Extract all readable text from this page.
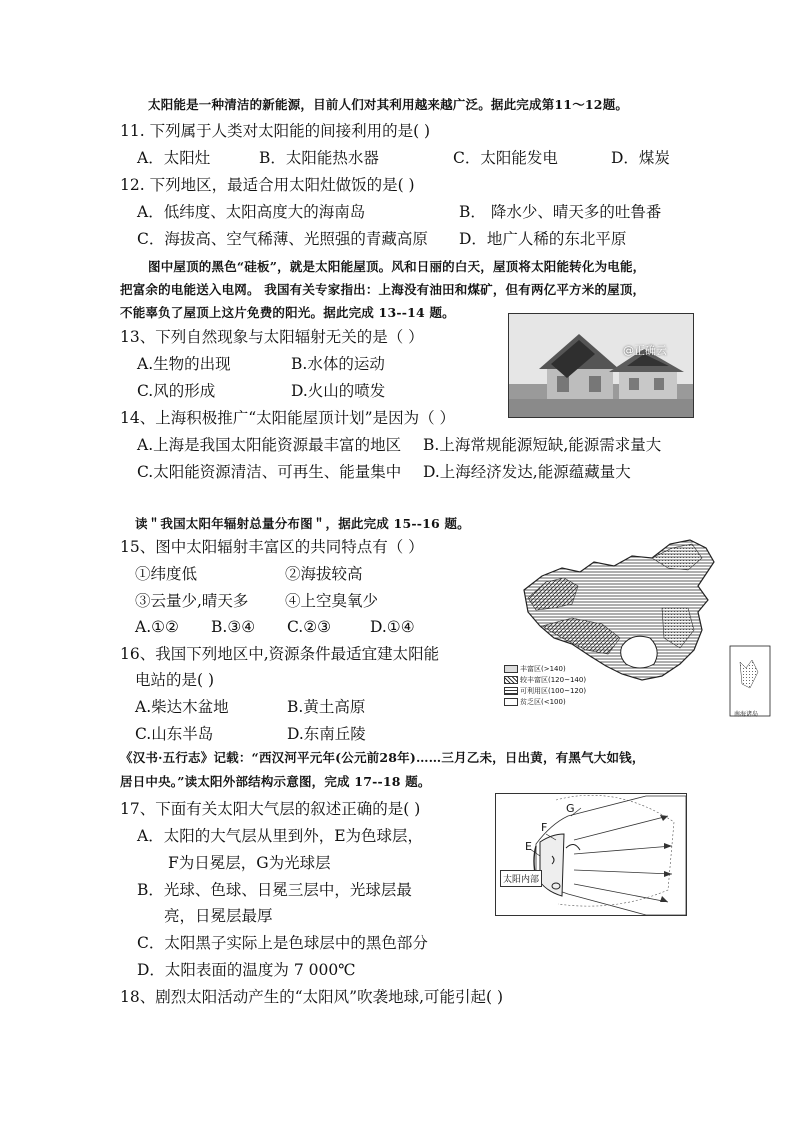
太阳能是一种清洁的新能源，目前人们对其利用越来越广泛。据此完成第11～12题。
11. 下列属于人类对太阳能的间接利用的是( )
A．太阳灶	B．太阳能热水器	C．太阳能发电	D．煤炭
12. 下列地区，最适合用太阳灶做饭的是( )
A．低纬度、太阳高度大的海南岛	B． 降水少、晴天多的吐鲁番
C．海拔高、空气稀薄、光照强的青藏高原 D．地广人稀的东北平原
图中屋顶的黑色“硅板”，就是太阳能屋顶。风和日丽的白天，屋顶将太阳能转化为电能，
把富余的电能送入电网。 我国有关专家指出：上海没有油田和煤矿，但有两亿平方米的屋顶，
不能辜负了屋顶上这片免费的阳光。据此完成 13--14 题。
13、下列自然现象与太阳辐射无关的是（ ）
A.生物的出现	B.水体的运动
C.风的形成	D.火山的喷发
@正确云
14、上海积极推广“太阳能屋顶计划”是因为（ ）
A.上海是我国太阳能资源最丰富的地区 B.上海常规能源短缺,能源需求量大
C.太阳能资源清洁、可再生、能量集中 D.上海经济发达,能源蕴藏量大
读＂我国太阳年辐射总量分布图＂，据此完成 15--16 题。
15、图中太阳辐射丰富区的共同特点有（ ）
①纬度低	②海拔较高
③云量少,晴天多 ④上空臭氧少
A.①② B.③④ C.②③	D.①④
丰富区(>140)
较丰富区(120~140)
可利用区(100~120)
贫乏区(<100)
南海诸岛
16、我国下列地区中,资源条件最适宜建太阳能
电站的是( )
A.柴达木盆地	B.黄土高原
C.山东半岛	D.东南丘陵
《汉书·五行志》记载：“西汉河平元年(公元前28年)……三月乙未，日出黄，有黑气大如钱，
居日中央。”读太阳外部结构示意图，完成 17--18 题。
17、下面有关太阳大气层的叙述正确的是( )
A．太阳的大气层从里到外，E为色球层，
F为日冕层，G为光球层
B．光球、色球、日冕三层中，光球层最
亮，日冕层最厚
C．太阳黑子实际上是色球层中的黑色部分
D．太阳表面的温度为 7 000℃
G
F
E
太阳内部
18、剧烈太阳活动产生的“太阳风”吹袭地球,可能引起( )
